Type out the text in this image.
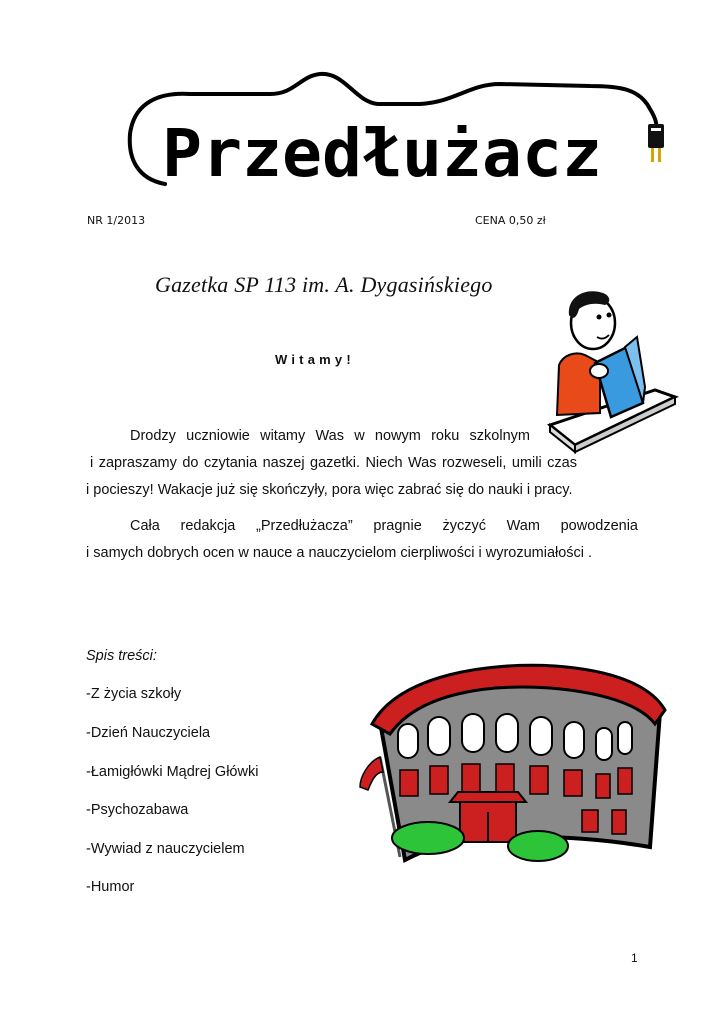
Przedłużacz
NR 1/2013	CENA 0,50 zł
Gazetka SP 113 im. A. Dygasińskiego
Witamy!
Drodzy uczniowie witamy Was w nowym roku szkolnym
i zapraszamy do czytania naszej gazetki. Niech Was rozweseli, umili czas
i pocieszy! Wakacje już się skończyły, pora więc zabrać się do nauki i pracy.
Cała redakcja „Przedłużacza” pragnie życzyć Wam powodzenia
i samych dobrych ocen w nauce a nauczycielom cierpliwości i wyrozumiałości .
Spis treści:
-Z życia szkoły
-Dzień Nauczyciela
-Łamigłówki Mądrej Główki
-Psychozabawa
-Wywiad z nauczycielem
-Humor
1
